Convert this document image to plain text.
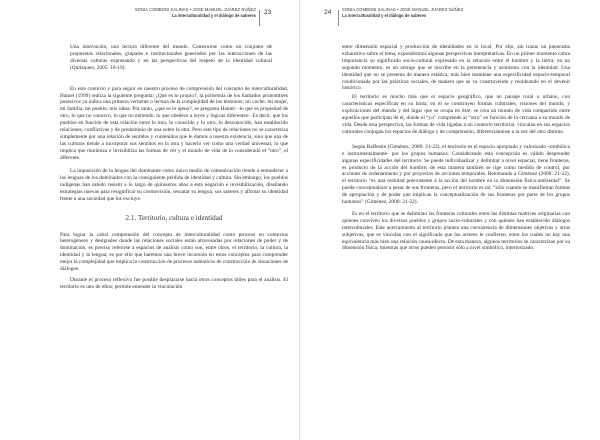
SONIA COMBONI SALINAS • JOSÉ MANUEL JUÁREZ NÚÑEZ
La interculturalidad y el diálogo de saberes 23

Una innovación, una lectura diferente del mundo. Construirse como un conjunto de propuestas relacionales, grupales e institucionales generados por las interacciones de las diversas culturas expresando y en las perspectivas del respeto de la identidad cultural (Quilaqueo, 2005: 18-19).

En este contexto y para seguir en nuestro proceso de comprensión del concepto de interculturalidad, Hamel (1999) realiza la siguiente pregunta: ¿Qué es lo propio?, la polisemia de los llamados pronombres posesivos ya indica una primera vertiente o lectura de la complejidad de los términos; mi coche, mi mujer, mi familia, mi pueblo, mis ideas. Por tanto, ¿qué es lo ajeno?, se pregunta Hamel: -lo que es propiedad de otro, lo que no conozco, lo que no entiendo, lo que obedece a leyes y lógicas diferentes-. Es decir, que los pueblos en función de esta relación entre lo mío, lo conocido y lo otro, lo desconocido, han establecido relaciones, conflictivas y de predominio de una sobre la otra. Pero este tipo de relaciones no se caracteriza simplemente por una relación de sentidos y contenidos que le damos a nuestra existencia, sino que una de las culturas tiende a incorporar sus sentidos en la otra y hacerlo ver como una verdad universal, lo que implica que minimiza e invisibiliza las formas de ver y el mundo de vida de lo considerado el “otro”, el diferente.

La imposición de la lengua del dominante como único medio de comunicación tiende a enmudecer a las lenguas de los dominados con la consiguiente pérdida de identidad y cultura. Sin embargo, los pueblos indígenas han sabido resistir a lo largo de quinientos años a esta negación e invisibilización, diseñando estrategias nuevas para resignificar su cosmovisión, rescatar su lengua, sus saberes y afirmar su identidad frente a una sociedad que los excluye.

2.1. Territorio, cultura e identidad

Para lograr la cabal comprensión del concepto de interculturalidad como proceso en contextos heterogéneos y desiguales donde las relaciones sociales están atravesadas por relaciones de poder y de dominación, es preciso referirse a espacios de análisis como son, entre otros, el territorio, la cultura, la identidad y la lengua; es por ello que haremos una breve incursión en estos conceptos para comprender mejor la complejidad que implica la construcción de procesos auténticos de construcción de situaciones de diálogos.

Durante el proceso reflexivo fue posible desplazarse hacia otros conceptos útiles para el análisis. El territorio es uno de ellos; permite entender la vinculación

24	SONIA COMBONI SALINAS • JOSÉ MANUEL JUÁREZ NÚÑEZ
La interculturalidad y el diálogo de saberes

entre dimensión espacial y producción de identidades en lo local. Por ello, sin trazar un panorama exhaustivo sobre el tema, expondremos algunas perspectivas interpretativas. En un primer momento cobra importancia su significado socio-cultural expresado en la relación entre el hombre y la tierra; en un segundo momento, es un arraigo que se inscribe en la pertenencia y asimismo con la identidad. Una identidad que no se presenta de manera estática, más bien mantiene una especificidad espacio-temporal condicionada por las prácticas sociales, de manera que se va construyendo y moldeando en el devenir histórico.

El territorio es mucho más que el espacio geográfico, que un paisaje rural o urbano, con características específicas en su biota; en él se construyen formas culturales, visiones del mundo, y explicaciones del mundo y del lugar que se ocupa en éste; se crea un mundo de vida compartido entre aquellos que participan de él, donde el “yo” comprende al “otro” en función de la cercanía a su mundo de vida. Desde esta perspectiva, las formas de vida ligadas a un contexto territorial, vinculan en sus espacios culturales conjugan los espacios de diálogo y de comprensión, diferenciándose a la vez del otro distinto.

Según Raffestin (Giménez, 2000: 21-22), el territorio es el espacio apropiado y valorizado -simbólica e instrumentalmente- por los grupos humanos. Considerando esta concepción es válido desprender algunas especificidades del territorio. Se puede individualizar y delimitar a nivel espacial, tiene fronteras, es producto de la acción del hombre; de esta manera también se rige como medida de control, por acciones de ordenamiento y por proyectos de acciones temporales. Retomando a Giménez (2000: 21-22), el territorio “es una realidad preexistente a la acción del hombre en la dimensión físico-ambiental”. Se puede conceptualizar a pesar de sus fronteras, pero el territorio es tal, “sólo cuando se manifiestan formas de apropiación y de poder que implican la conceptualización de sus fronteras por parte de los grupos humanos” (Giménez, 2000: 21-22).

Es en el territorio que se delimitan las fronteras culturales entre las distintas matrices originarias con quienes conviven los diversos pueblos y grupos socio-culturales y con quienes han establecido diálogos interculturales. Este acercamiento al territorio plantea una coexistencia de dimensiones objetivas y otras subjetivas, que se vinculan con el significado que los actores le confieren, entre los cuales no hay una equivalencia más bien una relación causa-efecto. De esta manera, algunos territorios se caracterizan por su dimensión física, mientras que otros pueden persistir sólo a nivel simbólico, interiorizado.
